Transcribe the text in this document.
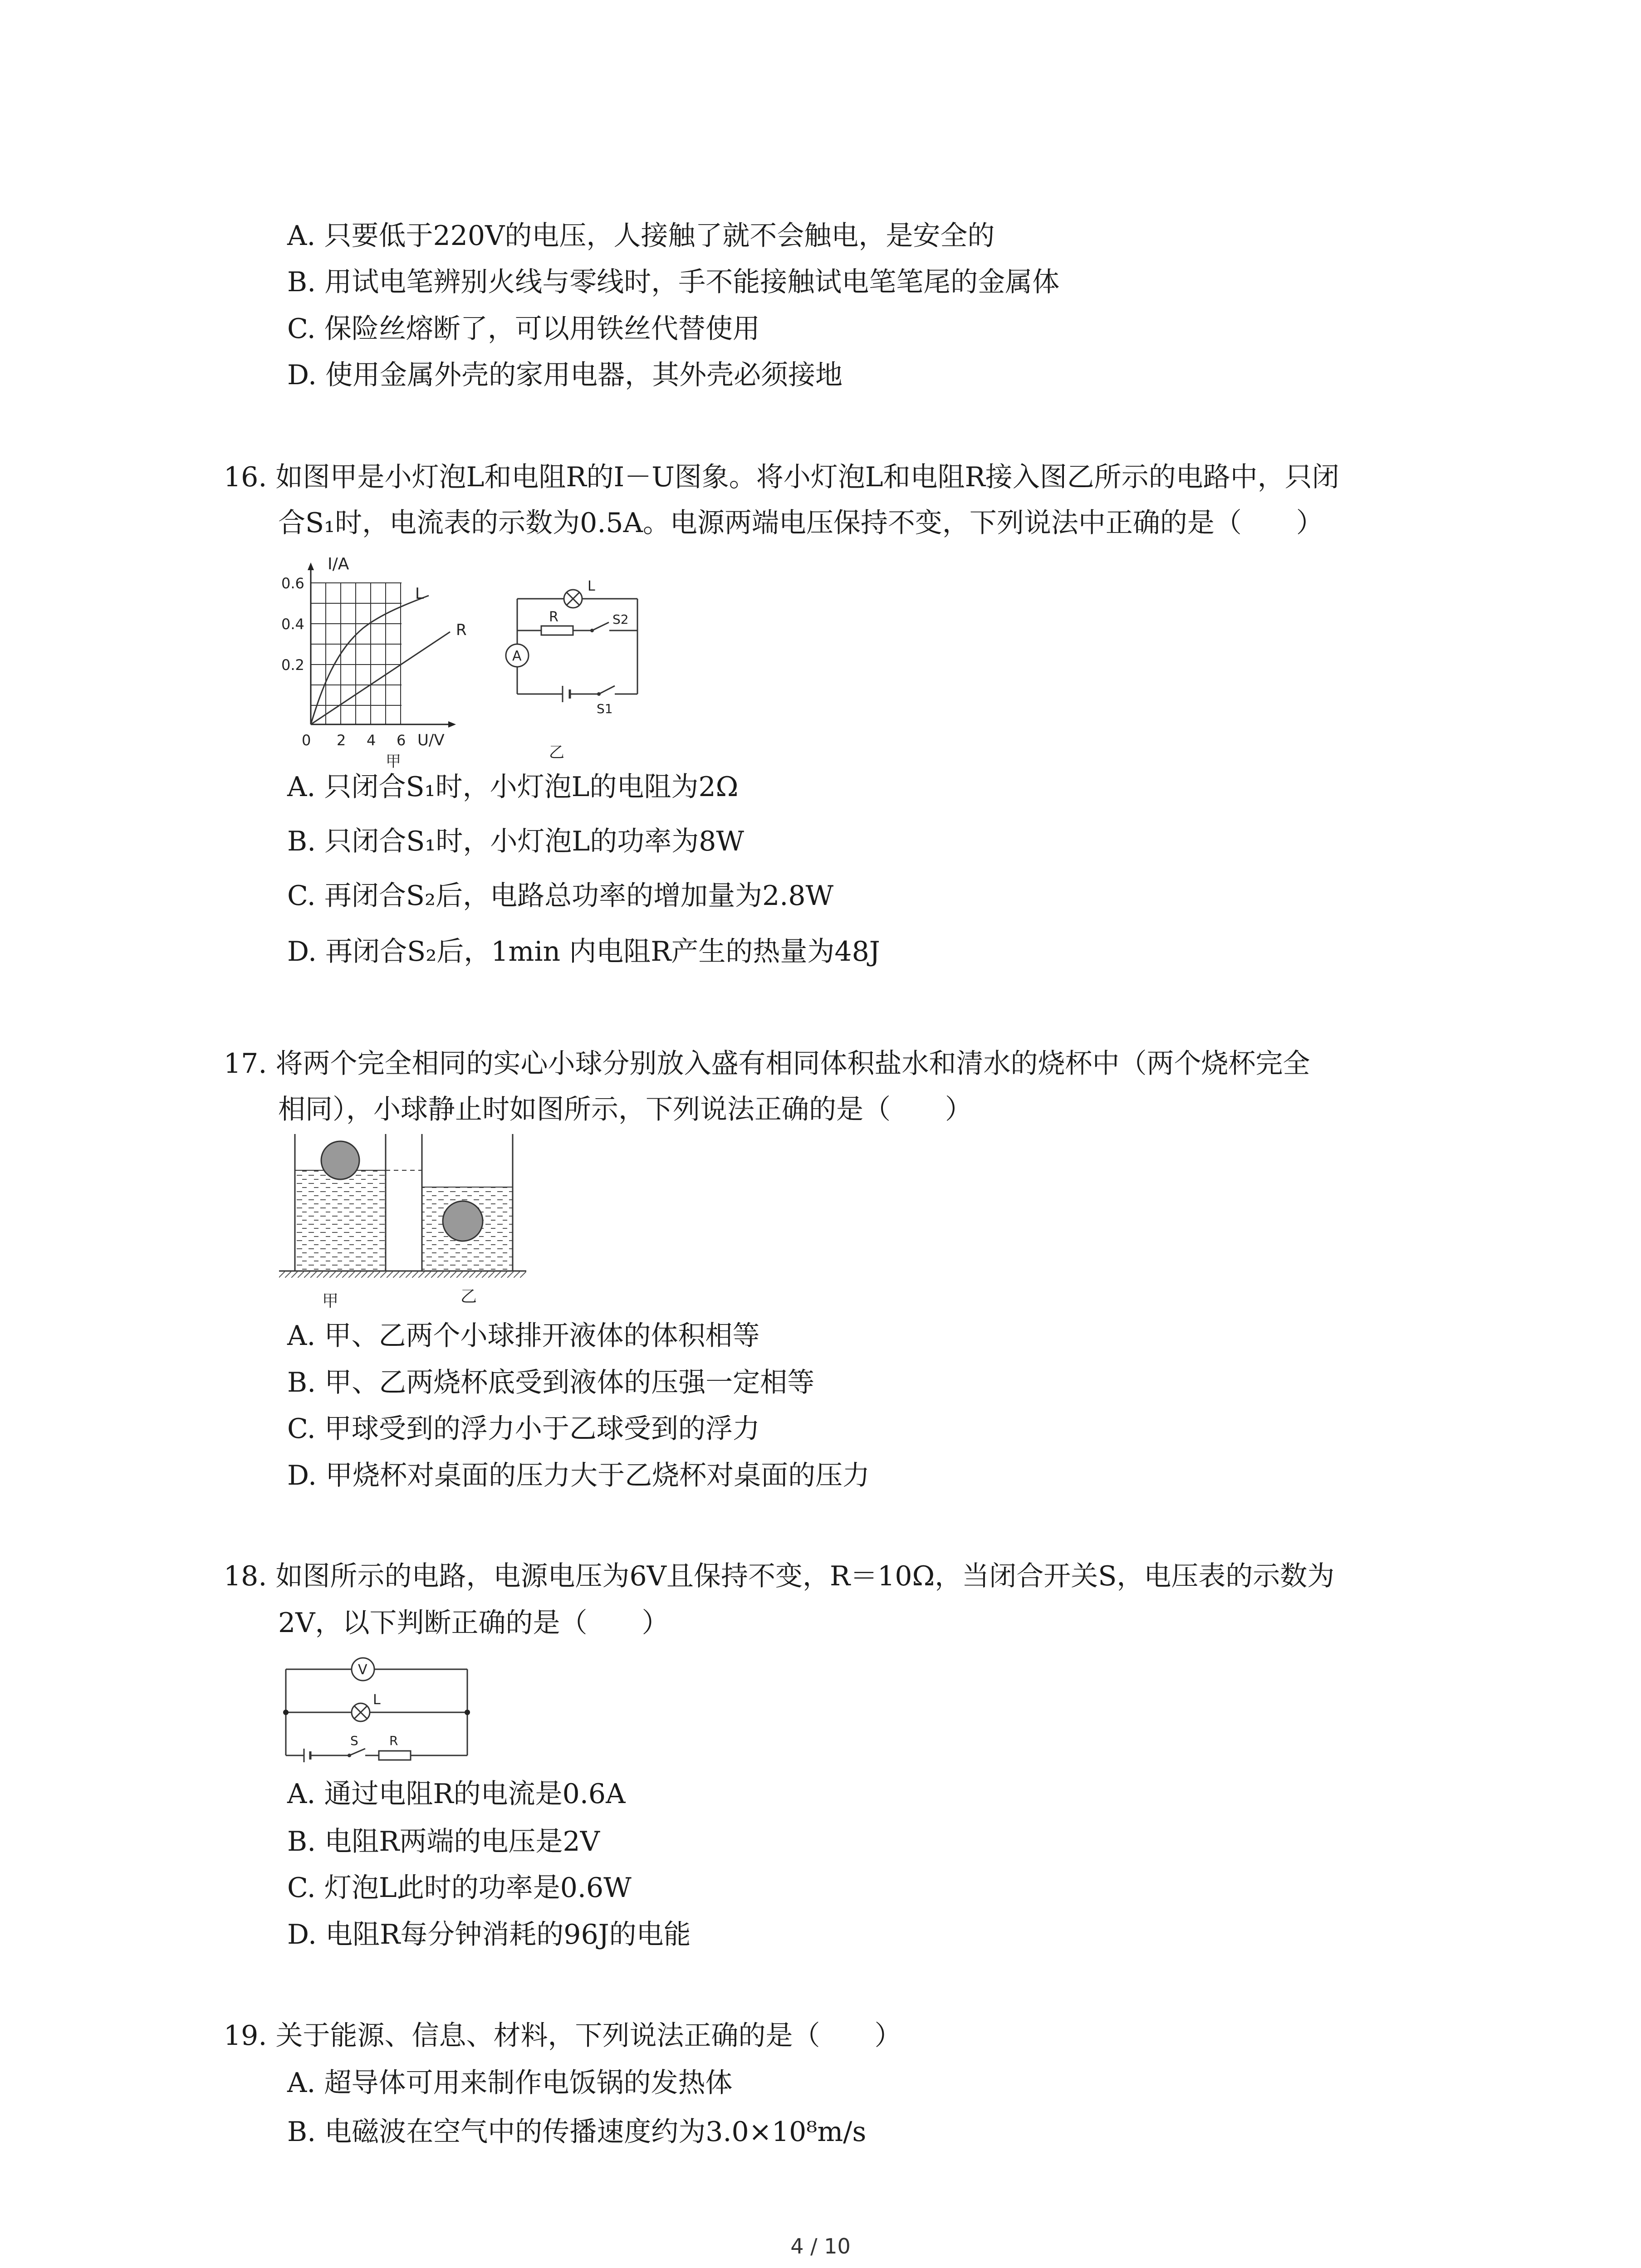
A. 只要低于220V的电压，人接触了就不会触电，是安全的
B. 用试电笔辨别火线与零线时，手不能接触试电笔笔尾的金属体
C. 保险丝熔断了，可以用铁丝代替使用
D. 使用金属外壳的家用电器，其外壳必须接地
16. 如图甲是小灯泡L和电阻R的I－U图象。将小灯泡L和电阻R接入图乙所示的电路中，只闭
合S₁时，电流表的示数为0.5A。电源两端电压保持不变，下列说法中正确的是（　　）
I/A
L
R
0.6
0.4
0.2
0 2 4 6 U/V
甲
L
R	S2
A
S1
乙
A. 只闭合S₁时，小灯泡L的电阻为2Ω
B. 只闭合S₁时，小灯泡L的功率为8W
C. 再闭合S₂后，电路总功率的增加量为2.8W
D. 再闭合S₂后，1min 内电阻R产生的热量为48J
17. 将两个完全相同的实心小球分别放入盛有相同体积盐水和清水的烧杯中（两个烧杯完全
相同），小球静止时如图所示，下列说法正确的是（　　）
甲	乙
A. 甲、乙两个小球排开液体的体积相等
B. 甲、乙两烧杯底受到液体的压强一定相等
C. 甲球受到的浮力小于乙球受到的浮力
D. 甲烧杯对桌面的压力大于乙烧杯对桌面的压力
18. 如图所示的电路，电源电压为6V且保持不变，R＝10Ω，当闭合开关S，电压表的示数为
2V，以下判断正确的是（　　）
V
L
S R
A. 通过电阻R的电流是0.6A
B. 电阻R两端的电压是2V
C. 灯泡L此时的功率是0.6W
D. 电阻R每分钟消耗的96J的电能
19. 关于能源、信息、材料，下列说法正确的是（　　）
A. 超导体可用来制作电饭锅的发热体
B. 电磁波在空气中的传播速度约为3.0×10⁸m/s
4 / 10
